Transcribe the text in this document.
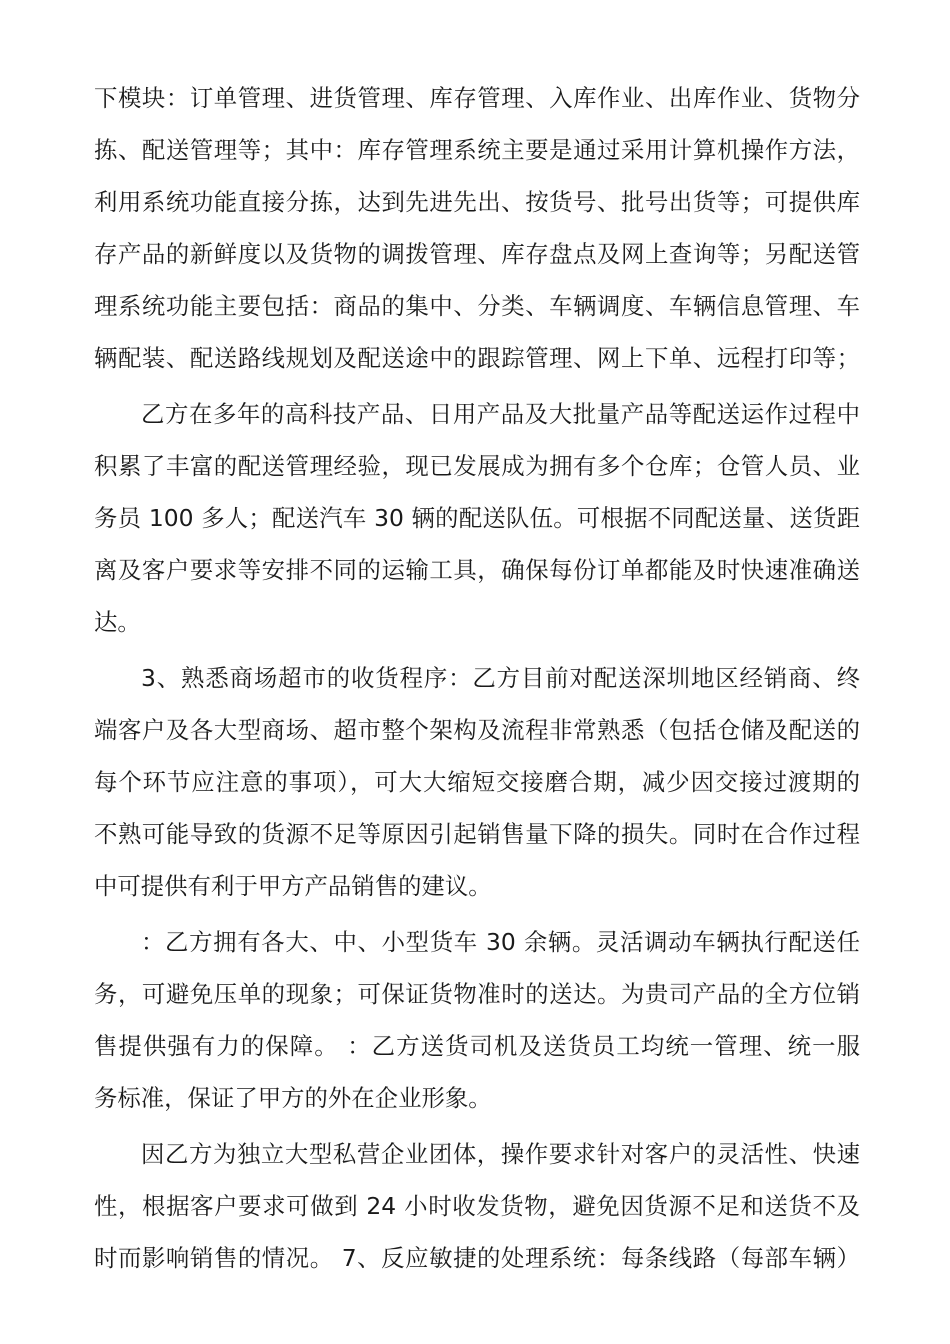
下模块：订单管理、进货管理、库存管理、入库作业、出库作业、货物分
拣、配送管理等；其中：库存管理系统主要是通过采用计算机操作方法，
利用系统功能直接分拣，达到先进先出、按货号、批号出货等；可提供库
存产品的新鲜度以及货物的调拨管理、库存盘点及网上查询等；另配送管
理系统功能主要包括：商品的集中、分类、车辆调度、车辆信息管理、车
辆配装、配送路线规划及配送途中的跟踪管理、网上下单、远程打印等；
乙方在多年的高科技产品、日用产品及大批量产品等配送运作过程中
积累了丰富的配送管理经验，现已发展成为拥有多个仓库；仓管人员、业
务员 100 多人；配送汽车 30 辆的配送队伍。可根据不同配送量、送货距
离及客户要求等安排不同的运输工具，确保每份订单都能及时快速准确送
达。
3、熟悉商场超市的收货程序：乙方目前对配送深圳地区经销商、终
端客户及各大型商场、超市整个架构及流程非常熟悉（包括仓储及配送的
每个环节应注意的事项），可大大缩短交接磨合期，减少因交接过渡期的
不熟可能导致的货源不足等原因引起销售量下降的损失。同时在合作过程
中可提供有利于甲方产品销售的建议。
：乙方拥有各大、中、小型货车 30 余辆。灵活调动车辆执行配送任
务，可避免压单的现象；可保证货物准时的送达。为贵司产品的全方位销
售提供强有力的保障。 ：乙方送货司机及送货员工均统一管理、统一服
务标准，保证了甲方的外在企业形象。
因乙方为独立大型私营企业团体，操作要求针对客户的灵活性、快速
性，根据客户要求可做到 24 小时收发货物，避免因货源不足和送货不及
时而影响销售的情况。 7、反应敏捷的处理系统：每条线路（每部车辆）
